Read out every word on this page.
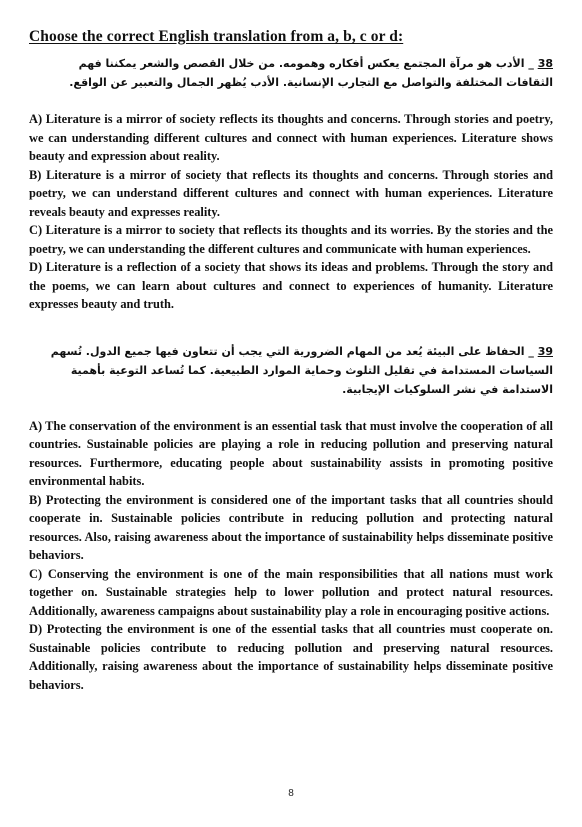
Choose the correct English translation from a, b, c or d:

38 _ الأدب هو مرآة المجتمع يعكس أفكاره وهمومه. من خلال القصص والشعر يمكننا فهم الثقافات المختلفة والتواصل مع التجارب الإنسانية. الأدب يُظهر الجمال والتعبير عن الواقع.

A) Literature is a mirror of society reflects its thoughts and concerns. Through stories and poetry, we can understanding different cultures and connect with human experiences. Literature shows beauty and expression about reality.

B) Literature is a mirror of society that reflects its thoughts and concerns. Through stories and poetry, we can understand different cultures and connect with human experiences. Literature reveals beauty and expresses reality.

C) Literature is a mirror to society that reflects its thoughts and its worries. By the stories and the poetry, we can understanding the different cultures and communicate with human experiences.

D) Literature is a reflection of a society that shows its ideas and problems. Through the story and the poems, we can learn about cultures and connect to experiences of humanity. Literature expresses beauty and truth.

39 _ الحفاظ على البيئة يُعد من المهام الضرورية التي يجب أن تتعاون فيها جميع الدول. تُسهم السياسات المستدامة في تقليل التلوث وحماية الموارد الطبيعية. كما تُساعد التوعية بأهمية الاستدامة في نشر السلوكيات الإيجابية.

A) The conservation of the environment is an essential task that must involve the cooperation of all countries. Sustainable policies are playing a role in reducing pollution and preserving natural resources. Furthermore, educating people about sustainability assists in promoting positive environmental habits.

B) Protecting the environment is considered one of the important tasks that all countries should cooperate in. Sustainable policies contribute in reducing pollution and protecting natural resources. Also, raising awareness about the importance of sustainability helps disseminate positive behaviors.

C) Conserving the environment is one of the main responsibilities that all nations must work together on. Sustainable strategies help to lower pollution and protect natural resources. Additionally, awareness campaigns about sustainability play a role in encouraging positive actions.

D) Protecting the environment is one of the essential tasks that all countries must cooperate on. Sustainable policies contribute to reducing pollution and preserving natural resources. Additionally, raising awareness about the importance of sustainability helps disseminate positive behaviors.

8
